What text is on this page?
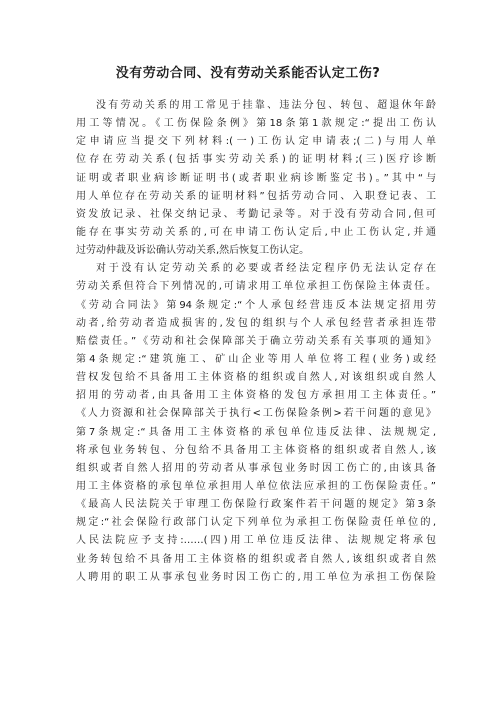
没有劳动合同、没有劳动关系能否认定工伤?
没有劳动关系的用工常见于挂靠、违法分包、转包、超退休年龄
用工等情况。《工伤保险条例》第18条第1款规定:“提出工伤认
定申请应当提交下列材料:(一)工伤认定申请表;(二)与用人单
位存在劳动关系(包括事实劳动关系)的证明材料;(三)医疗诊断
证明或者职业病诊断证明书(或者职业病诊断鉴定书)。”其中“与
用人单位存在劳动关系的证明材料”包括劳动合同、入职登记表、工
资发放记录、社保交纳记录、考勤记录等。对于没有劳动合同,但可
能存在事实劳动关系的,可在申请工伤认定后,中止工伤认定,并通
过劳动仲裁及诉讼确认劳动关系,然后恢复工伤认定。
对于没有认定劳动关系的必要或者经法定程序仍无法认定存在
劳动关系但符合下列情况的,可请求用工单位承担工伤保险主体责任。
《劳动合同法》第94条规定:“个人承包经营违反本法规定招用劳
动者,给劳动者造成损害的,发包的组织与个人承包经营者承担连带
赔偿责任。”《劳动和社会保障部关于确立劳动关系有关事项的通知》
第4条规定:“建筑施工、矿山企业等用人单位将工程(业务)或经
营权发包给不具备用工主体资格的组织或自然人,对该组织或自然人
招用的劳动者,由具备用工主体资格的发包方承担用工主体责任。”
《人力资源和社会保障部关于执行<工伤保险条例>若干问题的意见》
第7条规定:“具备用工主体资格的承包单位违反法律、法规规定,
将承包业务转包、分包给不具备用工主体资格的组织或者自然人,该
组织或者自然人招用的劳动者从事承包业务时因工伤亡的,由该具备
用工主体资格的承包单位承担用人单位依法应承担的工伤保险责任。”
《最高人民法院关于审理工伤保险行政案件若干问题的规定》第3条
规定:“社会保险行政部门认定下列单位为承担工伤保险责任单位的,
人民法院应予支持:……(四)用工单位违反法律、法规规定将承包
业务转包给不具备用工主体资格的组织或者自然人,该组织或者自然
人聘用的职工从事承包业务时因工伤亡的,用工单位为承担工伤保险
